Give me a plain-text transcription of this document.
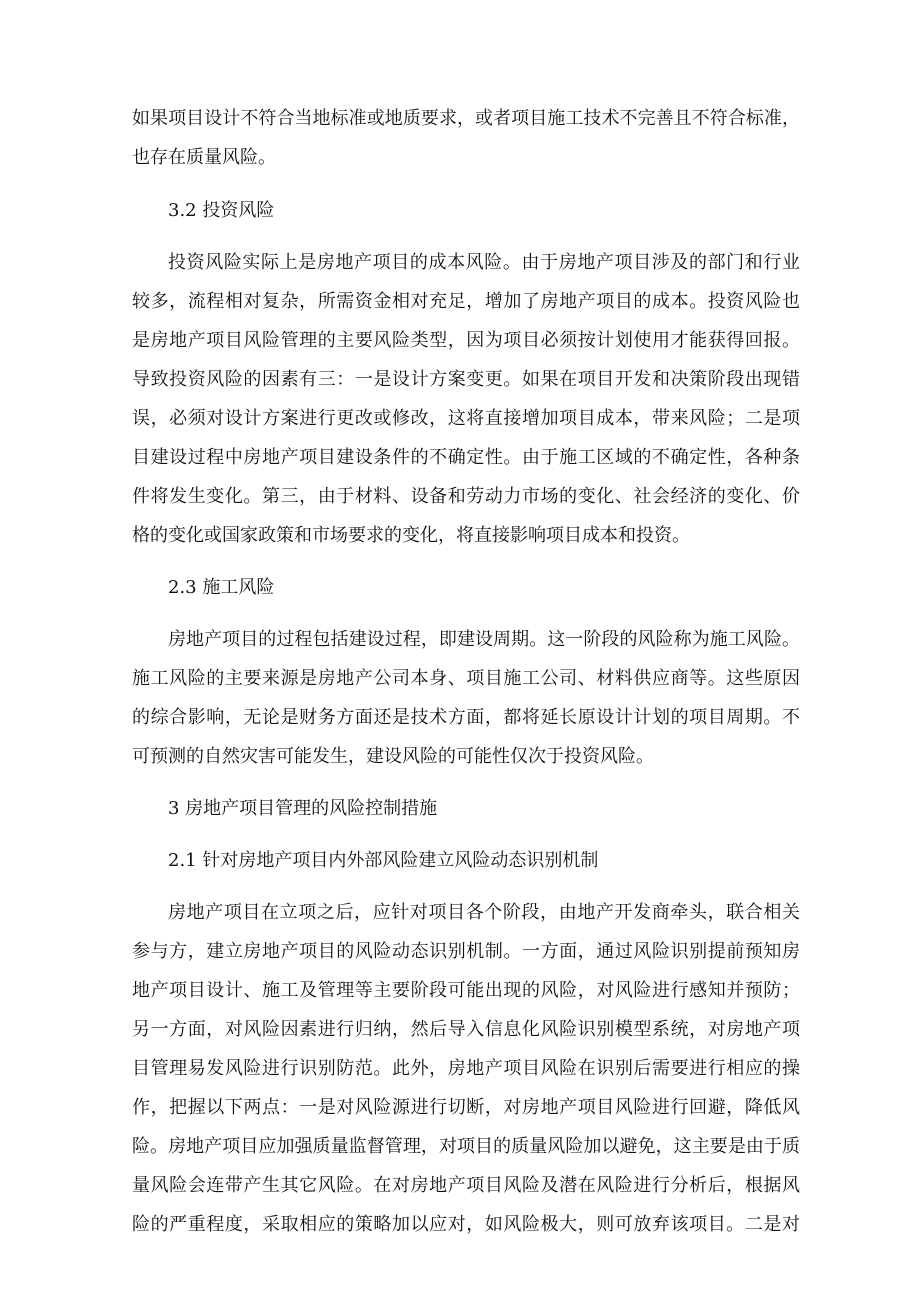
如果项目设计不符合当地标准或地质要求，或者项目施工技术不完善且不符合标准，
也存在质量风险。
3.2 投资风险
投资风险实际上是房地产项目的成本风险。由于房地产项目涉及的部门和行业
较多，流程相对复杂，所需资金相对充足，增加了房地产项目的成本。投资风险也
是房地产项目风险管理的主要风险类型，因为项目必须按计划使用才能获得回报。
导致投资风险的因素有三：一是设计方案变更。如果在项目开发和决策阶段出现错
误，必须对设计方案进行更改或修改，这将直接增加项目成本，带来风险；二是项
目建设过程中房地产项目建设条件的不确定性。由于施工区域的不确定性，各种条
件将发生变化。第三，由于材料、设备和劳动力市场的变化、社会经济的变化、价
格的变化或国家政策和市场要求的变化，将直接影响项目成本和投资。
2.3 施工风险
房地产项目的过程包括建设过程，即建设周期。这一阶段的风险称为施工风险。
施工风险的主要来源是房地产公司本身、项目施工公司、材料供应商等。这些原因
的综合影响，无论是财务方面还是技术方面，都将延长原设计计划的项目周期。不
可预测的自然灾害可能发生，建设风险的可能性仅次于投资风险。
3 房地产项目管理的风险控制措施
2.1 针对房地产项目内外部风险建立风险动态识别机制
房地产项目在立项之后，应针对项目各个阶段，由地产开发商牵头，联合相关
参与方，建立房地产项目的风险动态识别机制。一方面，通过风险识别提前预知房
地产项目设计、施工及管理等主要阶段可能出现的风险，对风险进行感知并预防；
另一方面，对风险因素进行归纳，然后导入信息化风险识别模型系统，对房地产项
目管理易发风险进行识别防范。此外，房地产项目风险在识别后需要进行相应的操
作，把握以下两点：一是对风险源进行切断，对房地产项目风险进行回避，降低风
险。房地产项目应加强质量监督管理，对项目的质量风险加以避免，这主要是由于质
量风险会连带产生其它风险。在对房地产项目风险及潜在风险进行分析后，根据风
险的严重程度，采取相应的策略加以应对，如风险极大，则可放弃该项目。二是对
